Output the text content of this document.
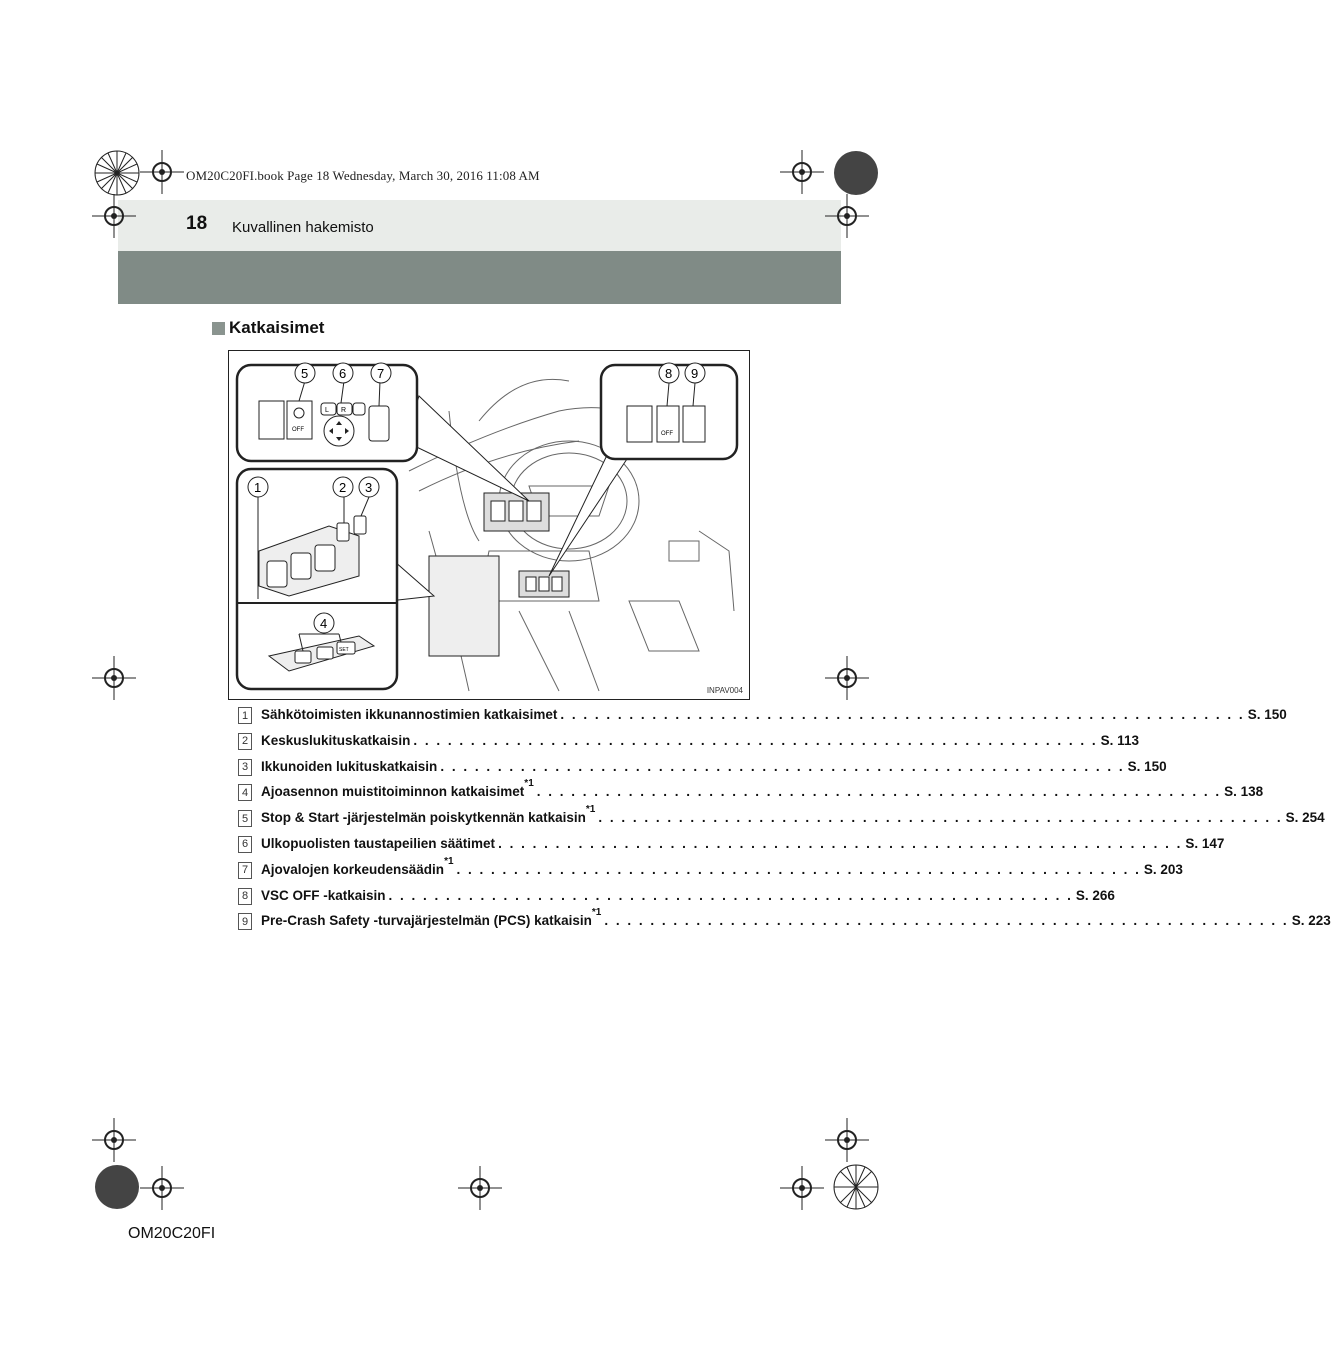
OM20C20FI.book Page 18 Wednesday, March 30, 2016 11:08 AM
18 Kuvallinen hakemisto
Katkaisimet
OFF
L R
5 6 7
OFF
8 9
1	2 3
SET
4
INPAV004
1 Sähkötoimisten ikkunannostimien katkaisimet . . . . . . . . . . . . . . . . . . . . . . . . . . . . . . . . . . . . . . . . . . . . . . . . . . . . . . . . . . . . S. 150
2 Keskuslukituskatkaisin . . . . . . . . . . . . . . . . . . . . . . . . . . . . . . . . . . . . . . . . . . . . . . . . . . . . . . . . . . . . S. 113
3 Ikkunoiden lukituskatkaisin . . . . . . . . . . . . . . . . . . . . . . . . . . . . . . . . . . . . . . . . . . . . . . . . . . . . . . . . . . . . S. 150
4 Ajoasennon muistitoiminnon katkaisimet
*1
. . . . . . . . . . . . . . . . . . . . . . . . . . . . . . . . . . . . . . . . . . . . . . . . . . . . . . . . . . . . S. 138
5 Stop & Start -järjestelmän poiskytkennän katkaisin
*1
. . . . . . . . . . . . . . . . . . . . . . . . . . . . . . . . . . . . . . . . . . . . . . . . . . . . . . . . . . . . S. 254
6 Ulkopuolisten taustapeilien säätimet . . . . . . . . . . . . . . . . . . . . . . . . . . . . . . . . . . . . . . . . . . . . . . . . . . . . . . . . . . . . S. 147
7 Ajovalojen korkeudensäädin
*1
. . . . . . . . . . . . . . . . . . . . . . . . . . . . . . . . . . . . . . . . . . . . . . . . . . . . . . . . . . . . S. 203
8 VSC OFF -katkaisin . . . . . . . . . . . . . . . . . . . . . . . . . . . . . . . . . . . . . . . . . . . . . . . . . . . . . . . . . . . . S. 266
9 Pre-Crash Safety -turvajärjestelmän (PCS) katkaisin
*1
. . . . . . . . . . . . . . . . . . . . . . . . . . . . . . . . . . . . . . . . . . . . . . . . . . . . . . . . . . . . S. 223
OM20C20FI
